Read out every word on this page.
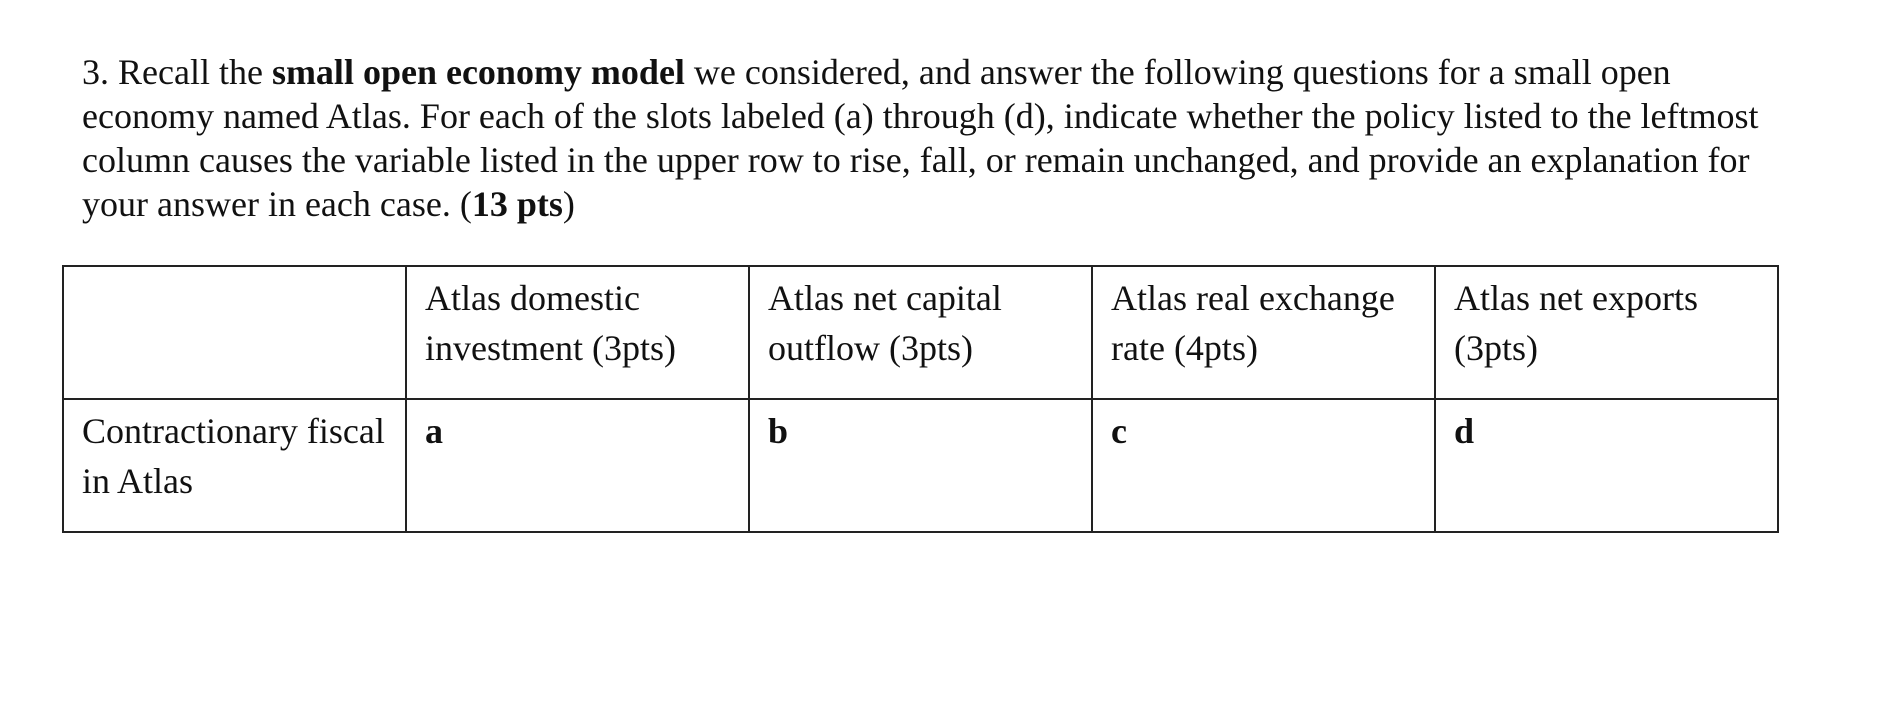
3. Recall the small open economy model we considered, and answer the following questions for a small open economy named Atlas. For each of the slots labeled (a) through (d), indicate whether the policy listed to the leftmost column causes the variable listed in the upper row to rise, fall, or remain unchanged, and provide an explanation for your answer in each case. (13 pts)

	Atlas domestic investment (3pts)	Atlas net capital outflow (3pts)	Atlas real exchange rate (4pts)	Atlas net exports (3pts)
Contractionary fiscal in Atlas	a	b	c	d
